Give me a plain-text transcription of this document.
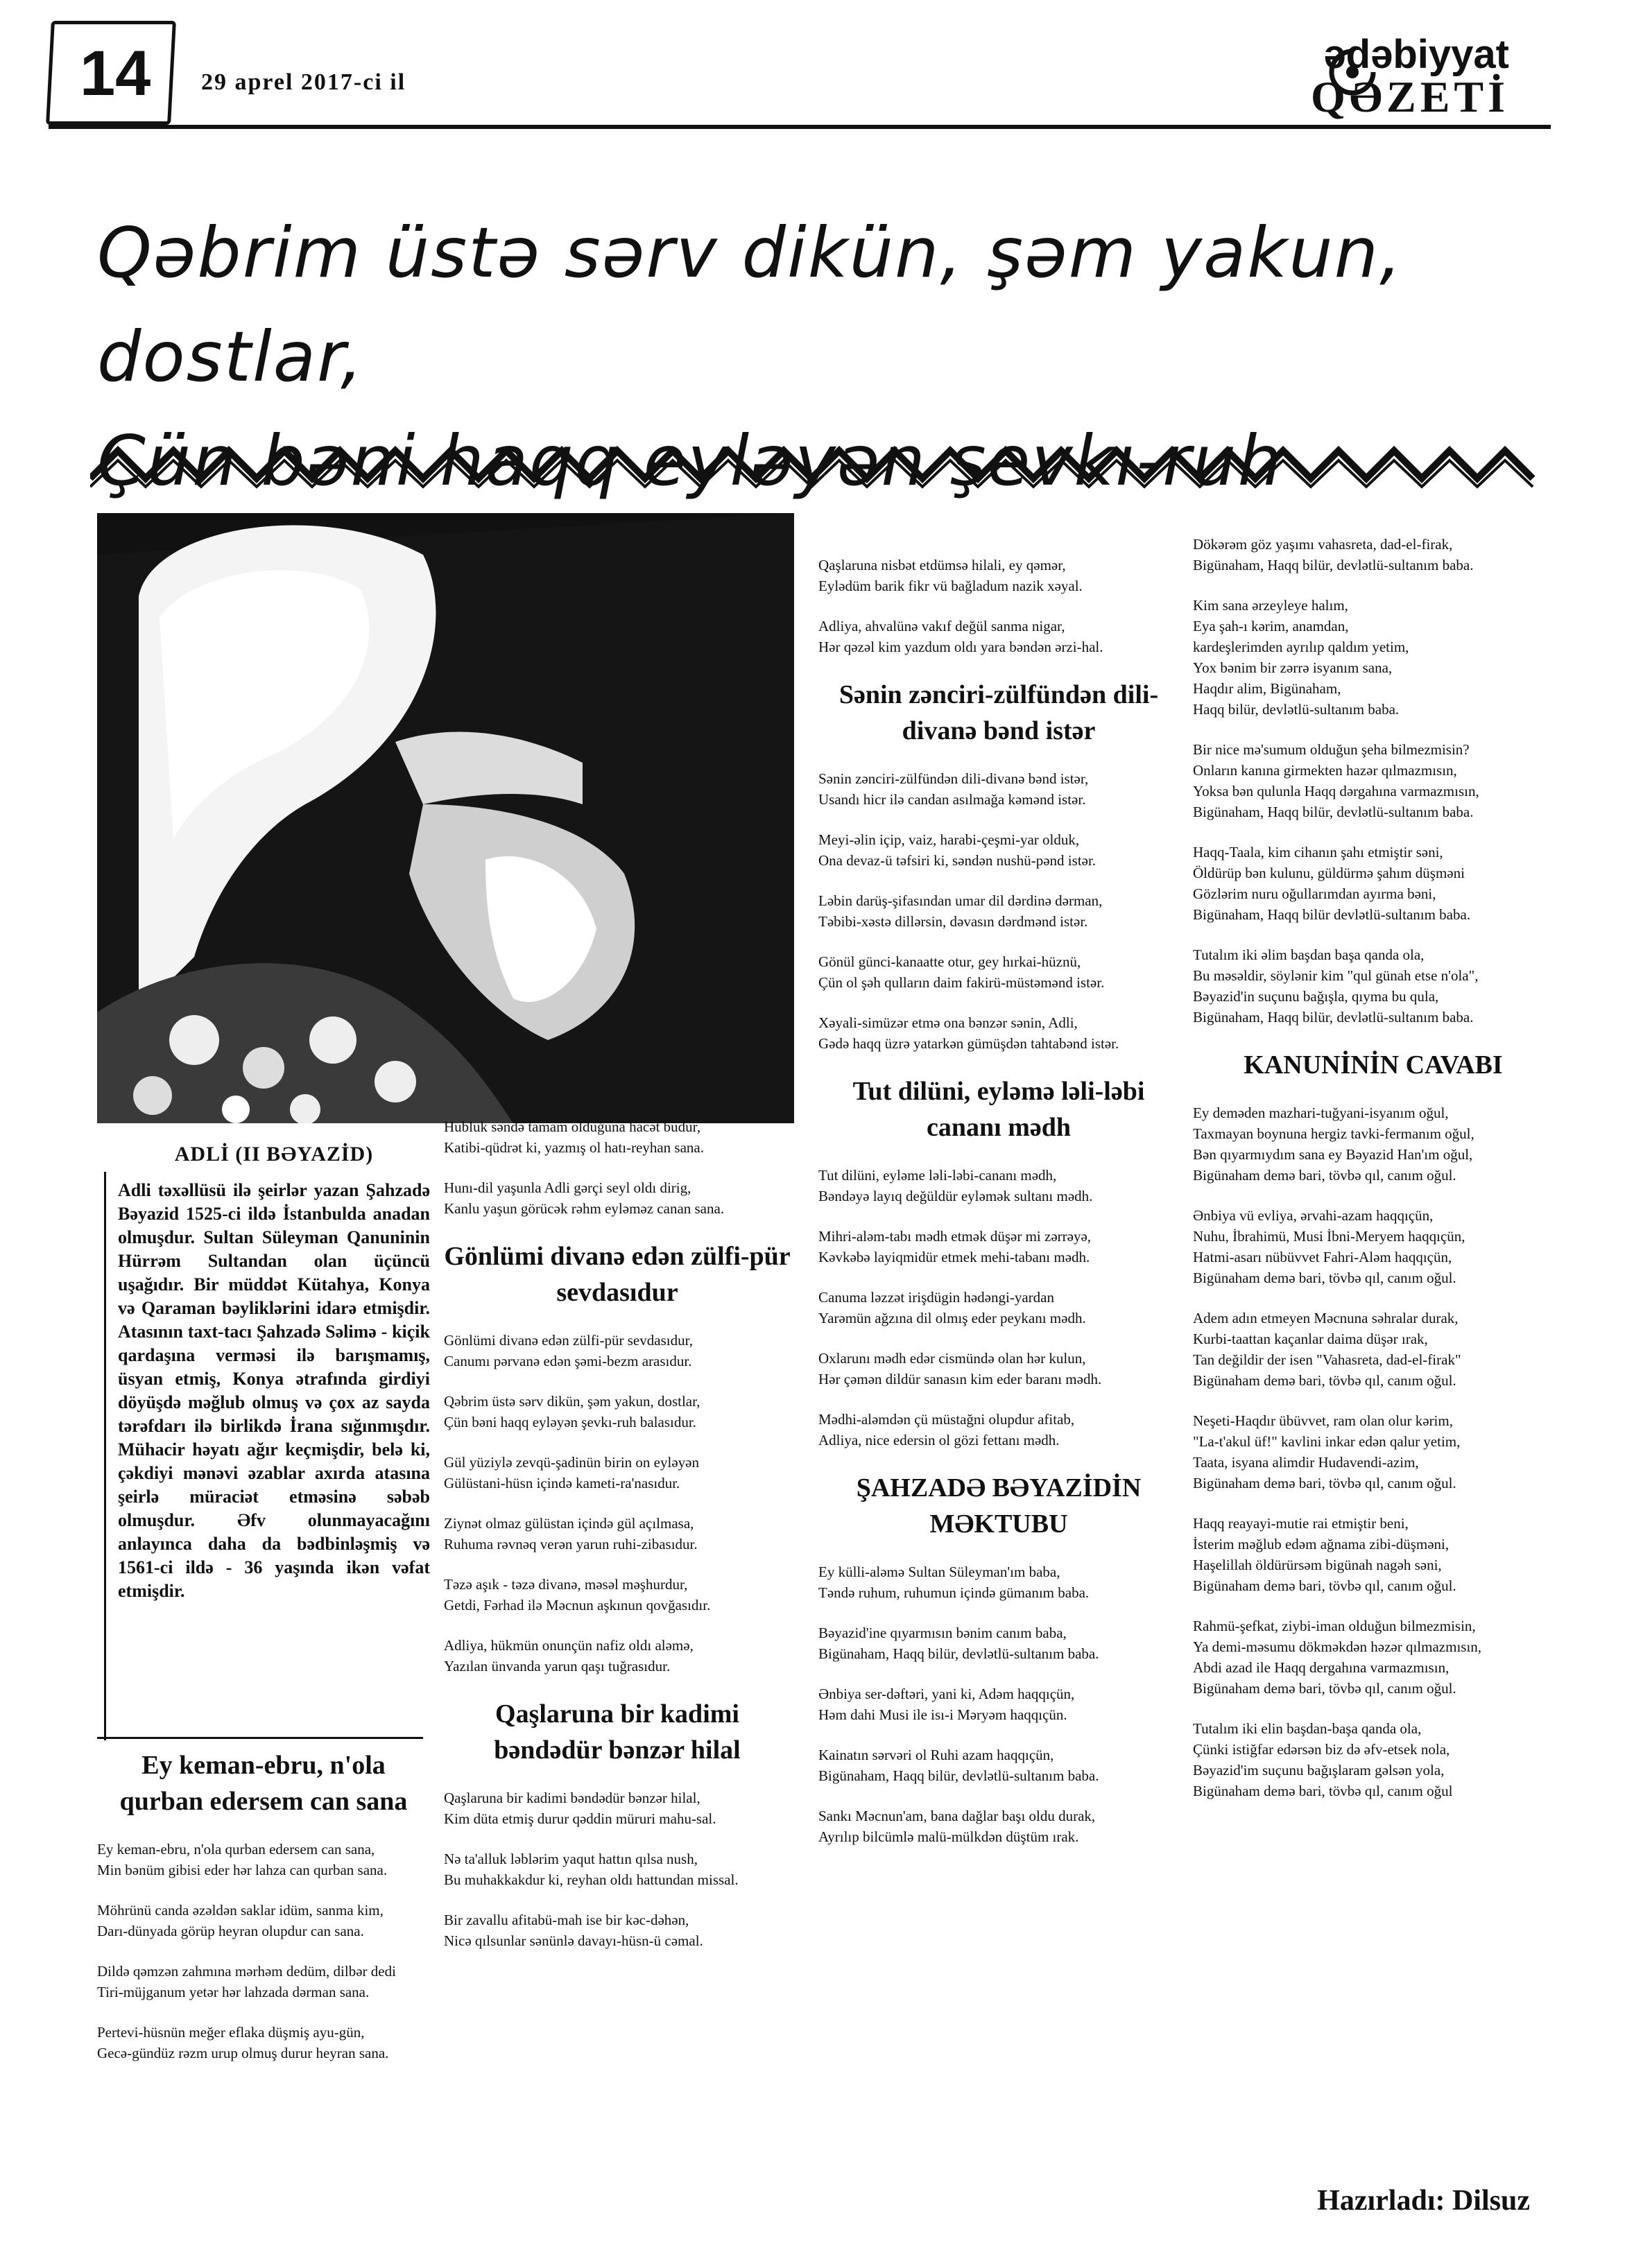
14 29 aprel 2017-ci il
ədəbiyyat
QƏZETİ
Qəbrim üstə sərv dikün, şəm yakun, dostlar,
Çün bəni haqq eyləyən şevkı-ruh
ADLİ (II BƏYAZİD)
Adli təxəllüsü ilə şeirlər yazan Şahzadə Bəyazid 1525-ci ildə İstanbulda anadan olmuşdur. Sultan Süleyman Qanuninin Hürrəm Sultandan olan üçüncü uşağıdır. Bir müddət Kütahya, Konya və Qaraman bəyliklərini idarə etmişdir. Atasının taxt-tacı Şahzadə Səlimə - kiçik qardaşına verməsi ilə barışmamış, üsyan etmiş, Konya ətrafında girdiyi döyüşdə məğlub olmuş və çox az sayda tərəfdarı ilə birlikdə İrana sığınmışdır. Mühacir həyatı ağır keçmişdir, belə ki, çəkdiyi mənəvi əzablar axırda atasına şeirlə müraciət etməsinə səbəb olmuşdur. Əfv olunmayacağını anlayınca daha da bədbinləşmiş və 1561-ci ildə - 36 yaşında ikən vəfat etmişdir.
Ey keman-ebru, n'ola qurban edersem can sana

Ey keman-ebru, n'ola qurban edersem can sana,

Min bənüm gibisi eder hər lahza can qurban sana.

Möhrünü canda əzəldən saklar idüm, sanma kim,

Darı-dünyada görüp heyran olupdur can sana.

Dildə qəmzən zahmına mərhəm dedüm, dilbər dedi

Tiri-müjganum yetər hər lahzada dərman sana.

Pertevi-hüsnün meğer eflaka düşmiş ayu-gün,

Gecə-gündüz rəzm urup olmuş durur heyran sana.

Hubluk səndə tamam olduğuna hacət budur,

Katibi-qüdrət ki, yazmış ol hatı-reyhan sana.

Hunı-dil yaşunla Adli gərçi seyl oldı dirig,

Kanlu yaşun görücək rəhm eyləməz canan sana.

Gönlümi divanə edən zülfi-pür sevdasıdur

Gönlümi divanə edən zülfi-pür sevdasıdur,

Canumı pərvanə edən şəmi-bezm arasıdur.

Qəbrim üstə sərv dikün, şəm yakun, dostlar,

Çün bəni haqq eyləyən şevkı-ruh balasıdur.

Gül yüziylə zevqü-şadinün birin on eyləyən

Gülüstani-hüsn içində kameti-ra'nasıdur.

Ziynət olmaz gülüstan içində gül açılmasa,

Ruhuma rəvnəq verən yarun ruhi-zibasıdur.

Təzə aşık - təzə divanə, məsəl məşhurdur,

Getdi, Fərhad ilə Məcnun aşkınun qovğasıdır.

Adliya, hükmün onunçün nafiz oldı aləmə,

Yazılan ünvanda yarun qaşı tuğrasıdur.

Qaşlaruna bir kadimi bəndədür bənzər hilal

Qaşlaruna bir kadimi bəndədür bənzər hilal,

Kim düta etmiş durur qəddin müruri mahu-sal.

Nə ta'alluk ləblərim yaqut hattın qılsa nush,

Bu muhakkakdur ki, reyhan oldı hattundan missal.

Bir zavallu afitabü-mah ise bir kəc-dəhən,

Nicə qılsunlar sənünlə davayı-hüsn-ü cəmal.

Qaşlaruna nisbət etdümsə hilali, ey qəmər,

Eylədüm barik fikr vü bağladum nazik xəyal.

Adliya, ahvalünə vakıf değül sanma nigar,

Hər qəzəl kim yazdum oldı yara bəndən ərzi-hal.

Sənin zənciri-zülfündən dili-divanə bənd istər

Sənin zənciri-zülfündən dili-divanə bənd istər,

Usandı hicr ilə candan asılmağa kəmənd istər.

Meyi-əlin içip, vaiz, harabi-çeşmi-yar olduk,

Ona devaz-ü təfsiri ki, səndən nushü-pənd istər.

Ləbin darüş-şifasından umar dil dərdinə dərman,

Təbibi-xəstə dillərsin, dəvasın dərdmənd istər.

Gönül günci-kanaatte otur, gey hırkai-hüznü,

Çün ol şəh qulların daim fakirü-müstəmənd istər.

Xəyali-simüzər etmə ona bənzər sənin, Adli,

Gədə haqq üzrə yatarkən gümüşdən tahtabənd istər.

Tut dilüni, eyləmə ləli-ləbi cananı mədh

Tut dilüni, eyləme ləli-ləbi-cananı mədh,

Bəndəyə layıq değüldür eyləmək sultanı mədh.

Mihri-aləm-tabı mədh etmək düşər mi zərrəyə,

Kəvkəbə layiqmidür etmek mehi-tabanı mədh.

Canuma ləzzət irişdügin hədəngi-yardan

Yarəmün ağzına dil olmış eder peykanı mədh.

Oxlarunı mədh edər cismündə olan hər kulun,

Hər çəmən dildür sanasın kim eder baranı mədh.

Mədhi-aləmdən çü müstağni olupdur afitab,

Adliya, nice edersin ol gözi fettanı mədh.

ŞAHZADƏ BƏYAZİDİN MƏKTUBU

Ey külli-aləmə Sultan Süleyman'ım baba,

Təndə ruhum, ruhumun içində gümanım baba.

Bəyazid'ine qıyarmısın bənim canım baba,

Bigünaham, Haqq bilür, devlətlü-sultanım baba.

Ənbiya ser-dəftəri, yani ki, Adəm haqqıçün,

Həm dahi Musi ile isı-i Məryəm haqqıçün.

Kainatın sərvəri ol Ruhi azam haqqıçün,

Bigünaham, Haqq bilür, devlətlü-sultanım baba.

Sankı Məcnun'am, bana dağlar başı oldu durak,

Ayrılıp bilcümlə malü-mülkdən düştüm ırak.

Dökərəm göz yaşımı vahasreta, dad-el-firak,

Bigünaham, Haqq bilür, devlətlü-sultanım baba.

Kim sana ərzeyleye halım,

Eya şah-ı kərim, anamdan,

kardeşlerimden ayrılıp qaldım yetim,

Yox bənim bir zərrə isyanım sana,

Haqdır alim, Bigünaham,

Haqq bilür, devlətlü-sultanım baba.

Bir nice mə'sumum olduğun şeha bilmezmisin?

Onların kanına girmekten hazər qılmazmısın,

Yoksa bən qulunla Haqq dərgahına varmazmısın,

Bigünaham, Haqq bilür, devlətlü-sultanım baba.

Haqq-Taala, kim cihanın şahı etmiştir səni,

Öldürüp bən kulunu, güldürmə şahım düşməni

Gözlərim nuru oğullarımdan ayırma bəni,

Bigünaham, Haqq bilür devlətlü-sultanım baba.

Tutalım iki əlim başdan başa qanda ola,

Bu məsəldir, söylənir kim "qul günah etse n'ola",

Bəyazid'in suçunu bağışla, qıyma bu qula,

Bigünaham, Haqq bilür, devlətlü-sultanım baba.

KANUNİNİN CAVABI

Ey deməden mazhari-tuğyani-isyanım oğul,

Taxmayan boynuna hergiz tavki-fermanım oğul,

Bən qıyarmıydım sana ey Bəyazid Han'ım oğul,

Bigünaham demə bari, tövbə qıl, canım oğul.

Ənbiya vü evliya, ərvahi-azam haqqıçün,

Nuhu, İbrahimü, Musi İbni-Meryem haqqıçün,

Hatmi-asarı nübüvvet Fahri-Aləm haqqıçün,

Bigünaham demə bari, tövbə qıl, canım oğul.

Adem adın etmeyen Məcnuna səhralar durak,

Kurbi-taattan kaçanlar daima düşər ırak,

Tan değildir der isen "Vahasreta, dad-el-firak"

Bigünaham demə bari, tövbə qıl, canım oğul.

Neşeti-Haqdır übüvvet, ram olan olur kərim,

"La-t'akul üf!" kavlini inkar edən qalur yetim,

Taata, isyana alimdir Hudavendi-azim,

Bigünaham demə bari, tövbə qıl, canım oğul.

Haqq reayayi-mutie rai etmiştir beni,

İsterim məğlub edəm ağnama zibi-düşməni,

Haşelillah öldürürsəm bigünah nagəh səni,

Bigünaham demə bari, tövbə qıl, canım oğul.

Rahmü-şefkat, ziybi-iman olduğun bilmezmisin,

Ya demi-məsumu dökməkdən həzər qılmazmısın,

Abdi azad ile Haqq dergahına varmazmısın,

Bigünaham demə bari, tövbə qıl, canım oğul.

Tutalım iki elin başdan-başa qanda ola,

Çünki istiğfar edərsən biz də əfv-etsek nola,

Bəyazid'im suçunu bağışlaram gəlsən yola,

Bigünaham demə bari, tövbə qıl, canım oğul

Hazırladı: Dilsuz
